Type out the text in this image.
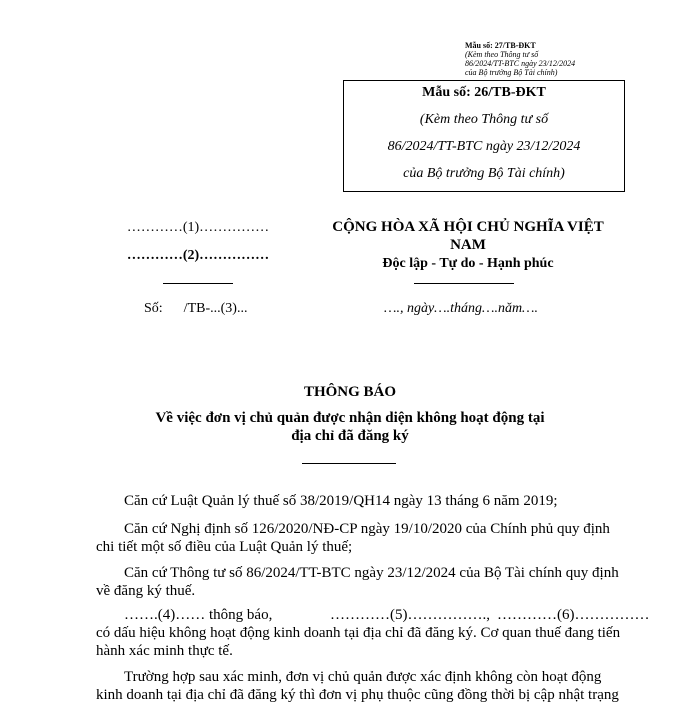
Mẫu số: 27/TB-ĐKT
(Kèm theo Thông tư số
86/2024/TT-BTC ngày 23/12/2024
của Bộ trưởng Bộ Tài chính)
Mẫu số: 26/TB-ĐKT
(Kèm theo Thông tư số
86/2024/TT-BTC ngày 23/12/2024
của Bộ trưởng Bộ Tài chính)
…………(1)……………
…………(2)……………
Số:      /TB-...(3)...
CỘNG HÒA XÃ HỘI CHỦ NGHĨA VIỆT
NAM
Độc lập - Tự do - Hạnh phúc
…., ngày….tháng….năm….
THÔNG BÁO
Về việc đơn vị chủ quản được nhận diện không hoạt động tại
địa chỉ đã đăng ký
Căn cứ Luật Quản lý thuế số 38/2019/QH14 ngày 13 tháng 6 năm 2019;
Căn cứ Nghị định số 126/2020/NĐ-CP ngày 19/10/2020 của Chính phủ quy định
chi tiết một số điều của Luật Quản lý thuế;
Căn cứ Thông tư số 86/2024/TT-BTC ngày 23/12/2024 của Bộ Tài chính quy định
về đăng ký thuế.
…….(4)…… thông báo,	…………(5)……………., …………(6)……………
có dấu hiệu không hoạt động kinh doanh tại địa chỉ đã đăng ký. Cơ quan thuế đang tiến
hành xác minh thực tế.
Trường hợp sau xác minh, đơn vị chủ quản được xác định không còn hoạt động
kinh doanh tại địa chỉ đã đăng ký thì đơn vị phụ thuộc cũng đồng thời bị cập nhật trạng
